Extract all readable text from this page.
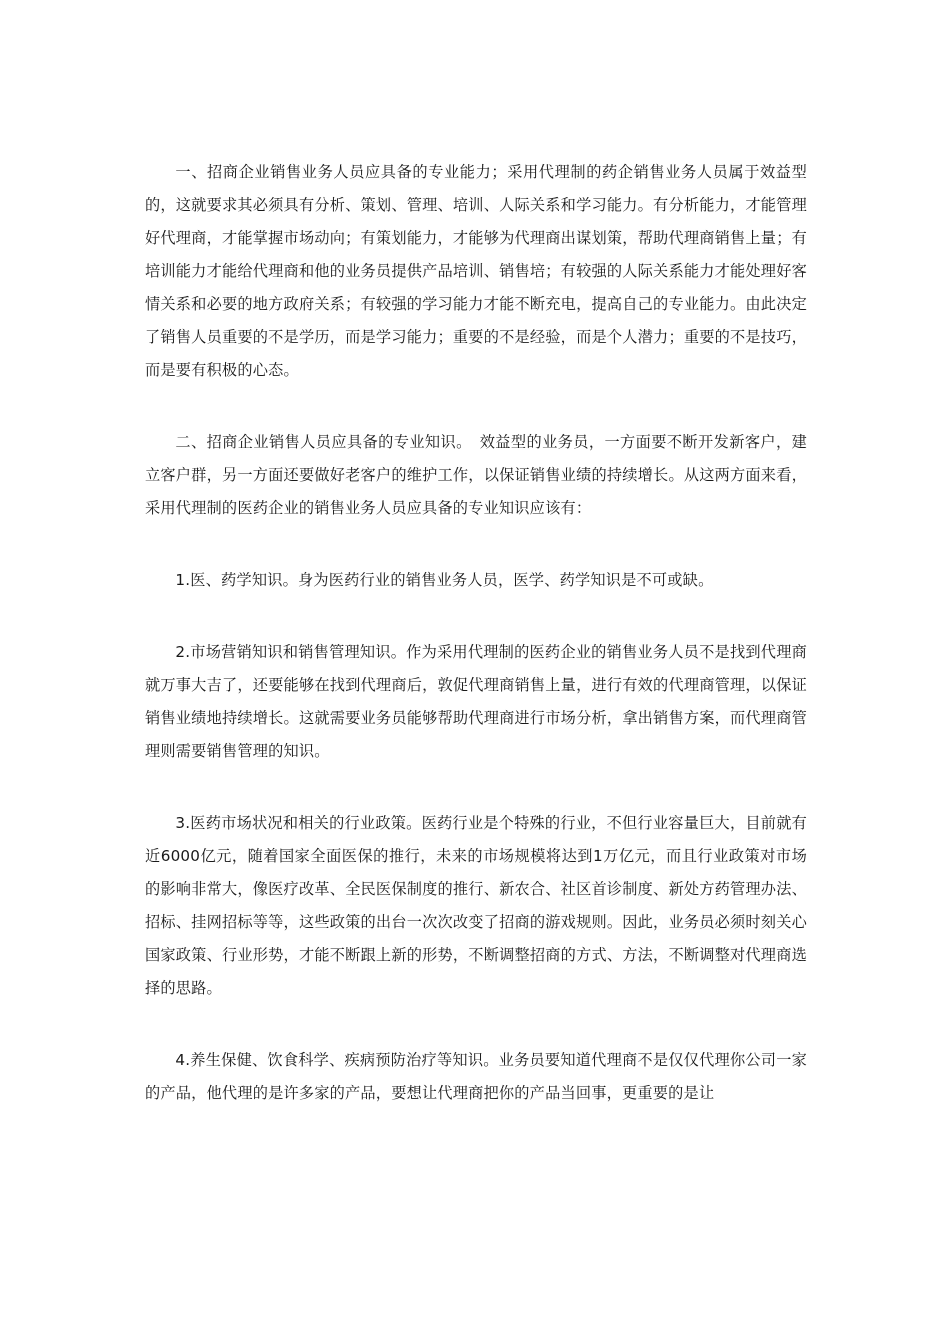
一、招商企业销售业务人员应具备的专业能力；采用代理制的药企销售业务人员属于效益型的，这就要求其必须具有分析、策划、管理、培训、人际关系和学习能力。有分析能力，才能管理好代理商，才能掌握市场动向；有策划能力，才能够为代理商出谋划策，帮助代理商销售上量；有培训能力才能给代理商和他的业务员提供产品培训、销售培；有较强的人际关系能力才能处理好客情关系和必要的地方政府关系；有较强的学习能力才能不断充电，提高自己的专业能力。由此决定了销售人员重要的不是学历，而是学习能力；重要的不是经验，而是个人潜力；重要的不是技巧，而是要有积极的心态。

二、招商企业销售人员应具备的专业知识。　效益型的业务员，一方面要不断开发新客户，建立客户群，另一方面还要做好老客户的维护工作，以保证销售业绩的持续增长。从这两方面来看，采用代理制的医药企业的销售业务人员应具备的专业知识应该有：

1.医、药学知识。身为医药行业的销售业务人员，医学、药学知识是不可或缺。

2.市场营销知识和销售管理知识。作为采用代理制的医药企业的销售业务人员不是找到代理商就万事大吉了，还要能够在找到代理商后，敦促代理商销售上量，进行有效的代理商管理，以保证销售业绩地持续增长。这就需要业务员能够帮助代理商进行市场分析，拿出销售方案，而代理商管理则需要销售管理的知识。

3.医药市场状况和相关的行业政策。医药行业是个特殊的行业，不但行业容量巨大，目前就有近6000亿元，随着国家全面医保的推行，未来的市场规模将达到1万亿元，而且行业政策对市场的影响非常大，像医疗改革、全民医保制度的推行、新农合、社区首诊制度、新处方药管理办法、招标、挂网招标等等，这些政策的出台一次次改变了招商的游戏规则。因此，业务员必须时刻关心国家政策、行业形势，才能不断跟上新的形势，不断调整招商的方式、方法，不断调整对代理商选择的思路。

4.养生保健、饮食科学、疾病预防治疗等知识。业务员要知道代理商不是仅仅代理你公司一家的产品，他代理的是许多家的产品，要想让代理商把你的产品当回事，更重要的是让
